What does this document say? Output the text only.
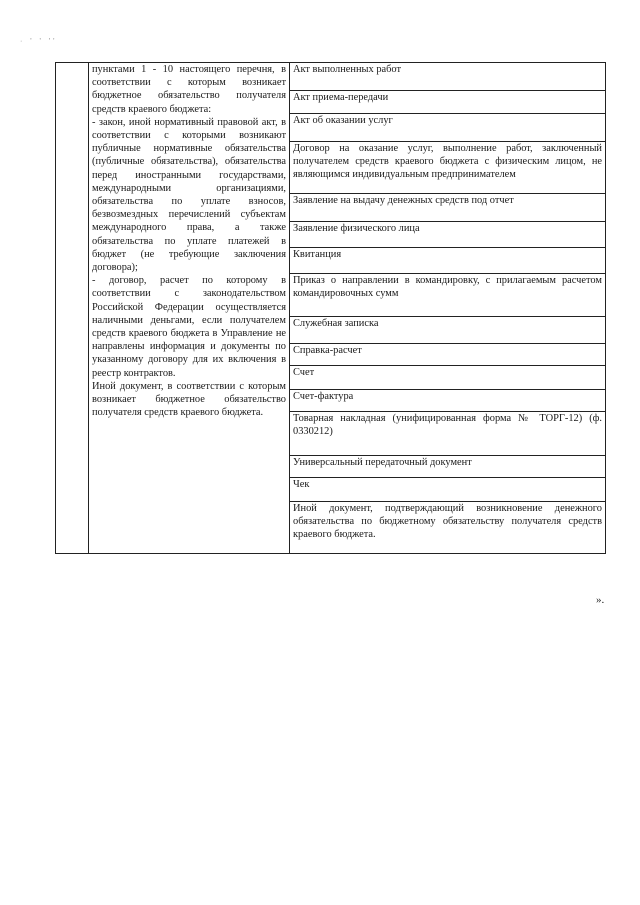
· ' ' ''

пунктами 1 - 10 настоящего перечня, в соответствии с которым возникает бюджетное обязательство получателя средств краевого бюджета:

- закон, иной нормативный правовой акт, в соответствии с которыми возникают публичные нормативные обязательства (публичные обязательства), обязательства перед иностранными государствами, международными организациями, обязательства по уплате взносов, безвозмездных перечислений субъектам международного права, а также обязательства по уплате платежей в бюджет (не требующие заключения договора);

- договор, расчет по которому в соответствии с законодательством Российской Федерации осуществляется наличными деньгами, если получателем средств краевого бюджета в Управление не направлены информация и документы по указанному договору для их включения в реестр контрактов.

Иной документ, в соответствии с которым возникает бюджетное обязательство получателя средств краевого бюджета.

	Акт выполненных работ
Акт приема-передачи
Акт об оказании услуг
Договор на оказание услуг, выполнение работ, заключенный получателем средств краевого бюджета с физическим лицом, не являющимся индивидуальным предпринимателем
Заявление на выдачу денежных средств под отчет
Заявление физического лица
Квитанция
Приказ о направлении в командировку, с прилагаемым расчетом командировочных сумм
Служебная записка
Справка-расчет
Счет
Счет-фактура
Товарная накладная (унифицированная форма № ТОРГ-12) (ф. 0330212)
Универсальный передаточный документ
Чек
Иной документ, подтверждающий возникновение денежного обязательства по бюджетному обязательству получателя средств краевого бюджета.
».
